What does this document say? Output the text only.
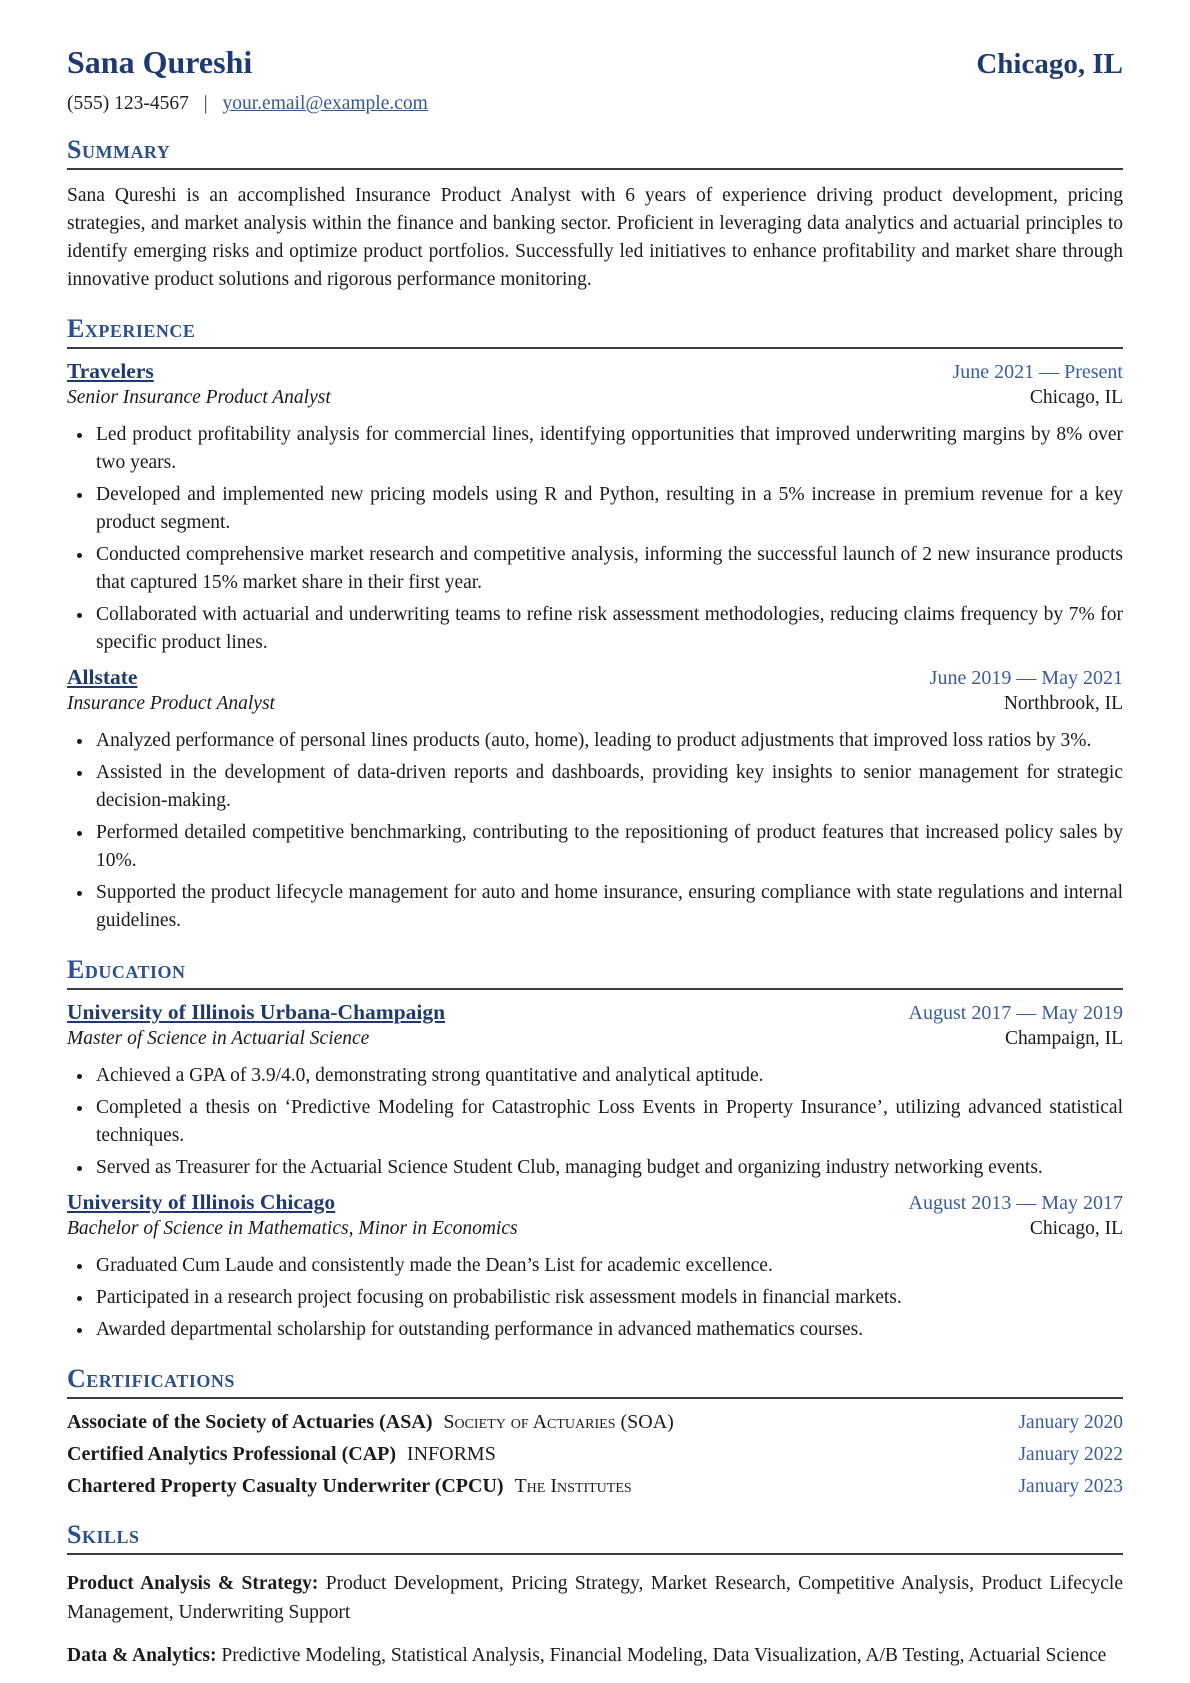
Sana Qureshi	Chicago, IL
(555) 123-4567 | your.email@example.com
Summary

Sana Qureshi is an accomplished Insurance Product Analyst with 6 years of experience driving product development, pricing strategies, and market analysis within the finance and banking sector. Proficient in leveraging data analytics and actuarial principles to identify emerging risks and optimize product portfolios. Successfully led initiatives to enhance profitability and market share through innovative product solutions and rigorous performance monitoring.

Experience
Travelers	June 2021 — Present
Senior Insurance Product Analyst	Chicago, IL
• Led product profitability analysis for commercial lines, identifying opportunities that improved underwriting margins by 8% over two years.
• Developed and implemented new pricing models using R and Python, resulting in a 5% increase in premium revenue for a key product segment.
• Conducted comprehensive market research and competitive analysis, informing the successful launch of 2 new insurance products that captured 15% market share in their first year.
• Collaborated with actuarial and underwriting teams to refine risk assessment methodologies, reducing claims frequency by 7% for specific product lines.
Allstate	June 2019 — May 2021
Insurance Product Analyst	Northbrook, IL
• Analyzed performance of personal lines products (auto, home), leading to product adjustments that improved loss ratios by 3%.
• Assisted in the development of data-driven reports and dashboards, providing key insights to senior management for strategic decision-making.
• Performed detailed competitive benchmarking, contributing to the repositioning of product features that increased policy sales by 10%.
• Supported the product lifecycle management for auto and home insurance, ensuring compliance with state regulations and internal guidelines.
Education
University of Illinois Urbana-Champaign	August 2017 — May 2019
Master of Science in Actuarial Science	Champaign, IL
• Achieved a GPA of 3.9/4.0, demonstrating strong quantitative and analytical aptitude.
• Completed a thesis on ‘Predictive Modeling for Catastrophic Loss Events in Property Insurance’, utilizing advanced statistical techniques.
• Served as Treasurer for the Actuarial Science Student Club, managing budget and organizing industry networking events.
University of Illinois Chicago	August 2013 — May 2017
Bachelor of Science in Mathematics, Minor in Economics	Chicago, IL
• Graduated Cum Laude and consistently made the Dean’s List for academic excellence.
• Participated in a research project focusing on probabilistic risk assessment models in financial markets.
• Awarded departmental scholarship for outstanding performance in advanced mathematics courses.
Certifications
Associate of the Society of Actuaries (ASA) Society of Actuaries (SOA)	January 2020
Certified Analytics Professional (CAP) INFORMS	January 2022
Chartered Property Casualty Underwriter (CPCU) The Institutes	January 2023
Skills

Product Analysis & Strategy: Product Development, Pricing Strategy, Market Research, Competitive Analysis, Product Lifecycle Management, Underwriting Support

Data & Analytics: Predictive Modeling, Statistical Analysis, Financial Modeling, Data Visualization, A/B Testing, Actuarial Science
